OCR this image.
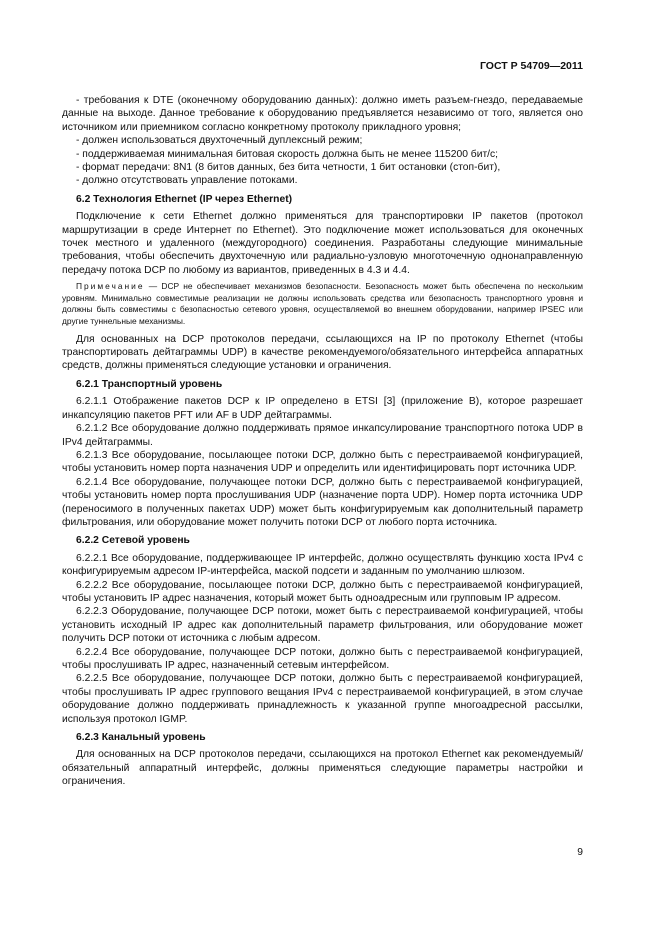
ГОСТ Р 54709—2011

- требования к DTE (оконечному оборудованию данных): должно иметь разъем-гнездо, передаваемые данные на выходе. Данное требование к оборудованию предъявляется независимо от того, является оно источником или приемником согласно конкретному протоколу прикладного уровня;

- должен использоваться двухточечный дуплексный режим;

- поддерживаемая минимальная битовая скорость должна быть не менее 115200 бит/с;

- формат передачи: 8N1 (8 битов данных, без бита четности, 1 бит остановки (стоп-бит),

- должно отсутствовать управление потоками.

6.2 Технология Ethernet (IP через Ethernet)

Подключение к сети Ethernet должно применяться для транспортировки IP пакетов (протокол маршрутизации в среде Интернет по Ethernet). Это подключение может использоваться для оконечных точек местного и удаленного (междугородного) соединения. Разработаны следующие минимальные требования, чтобы обеспечить двухточечную или радиально-узловую многоточечную однонаправленную передачу потока DCP по любому из вариантов, приведенных в 4.3 и 4.4.

Примечание — DCP не обеспечивает механизмов безопасности. Безопасность может быть обеспечена по нескольким уровням. Минимально совместимые реализации не должны использовать средства или безопасность транспортного уровня и должны быть совместимы с безопасностью сетевого уровня, осуществляемой во внешнем оборудовании, например IPSEC или другие туннельные механизмы.

Для основанных на DCP протоколов передачи, ссылающихся на IP по протоколу Ethernet (чтобы транспортировать дейтаграммы UDP) в качестве рекомендуемого/обязательного интерфейса аппаратных средств, должны применяться следующие установки и ограничения.

6.2.1 Транспортный уровень

6.2.1.1 Отображение пакетов DCP к IP определено в ETSI [3] (приложение B), которое разрешает инкапсуляцию пакетов PFT или AF в UDP дейтаграммы.

6.2.1.2 Все оборудование должно поддерживать прямое инкапсулирование транспортного потока UDP в IPv4 дейтаграммы.

6.2.1.3 Все оборудование, посылающее потоки DCP, должно быть с перестраиваемой конфигурацией, чтобы установить номер порта назначения UDP и определить или идентифицировать порт источника UDP.

6.2.1.4 Все оборудование, получающее потоки DCP, должно быть с перестраиваемой конфигурацией, чтобы установить номер порта прослушивания UDP (назначение порта UDP). Номер порта источника UDP (переносимого в полученных пакетах UDP) может быть конфигурируемым как дополнительный параметр фильтрования, или оборудование может получить потоки DCP от любого порта источника.

6.2.2 Сетевой уровень

6.2.2.1 Все оборудование, поддерживающее IP интерфейс, должно осуществлять функцию хоста IPv4 с конфигурируемым адресом IP-интерфейса, маской подсети и заданным по умолчанию шлюзом.

6.2.2.2 Все оборудование, посылающее потоки DCP, должно быть с перестраиваемой конфигурацией, чтобы установить IP адрес назначения, который может быть одноадресным или групповым IP адресом.

6.2.2.3 Оборудование, получающее DCP потоки, может быть с перестраиваемой конфигурацией, чтобы установить исходный IP адрес как дополнительный параметр фильтрования, или оборудование может получить DCP потоки от источника с любым адресом.

6.2.2.4 Все оборудование, получающее DCP потоки, должно быть с перестраиваемой конфигурацией, чтобы прослушивать IP адрес, назначенный сетевым интерфейсом.

6.2.2.5 Все оборудование, получающее DCP потоки, должно быть с перестраиваемой конфигурацией, чтобы прослушивать IP адрес группового вещания IPv4 с перестраиваемой конфигурацией, в этом случае оборудование должно поддерживать принадлежность к указанной группе многоадресной рассылки, используя протокол IGMP.

6.2.3 Канальный уровень

Для основанных на DCP протоколов передачи, ссылающихся на протокол Ethernet как рекомендуемый/обязательный аппаратный интерфейс, должны применяться следующие параметры настройки и ограничения.

9
